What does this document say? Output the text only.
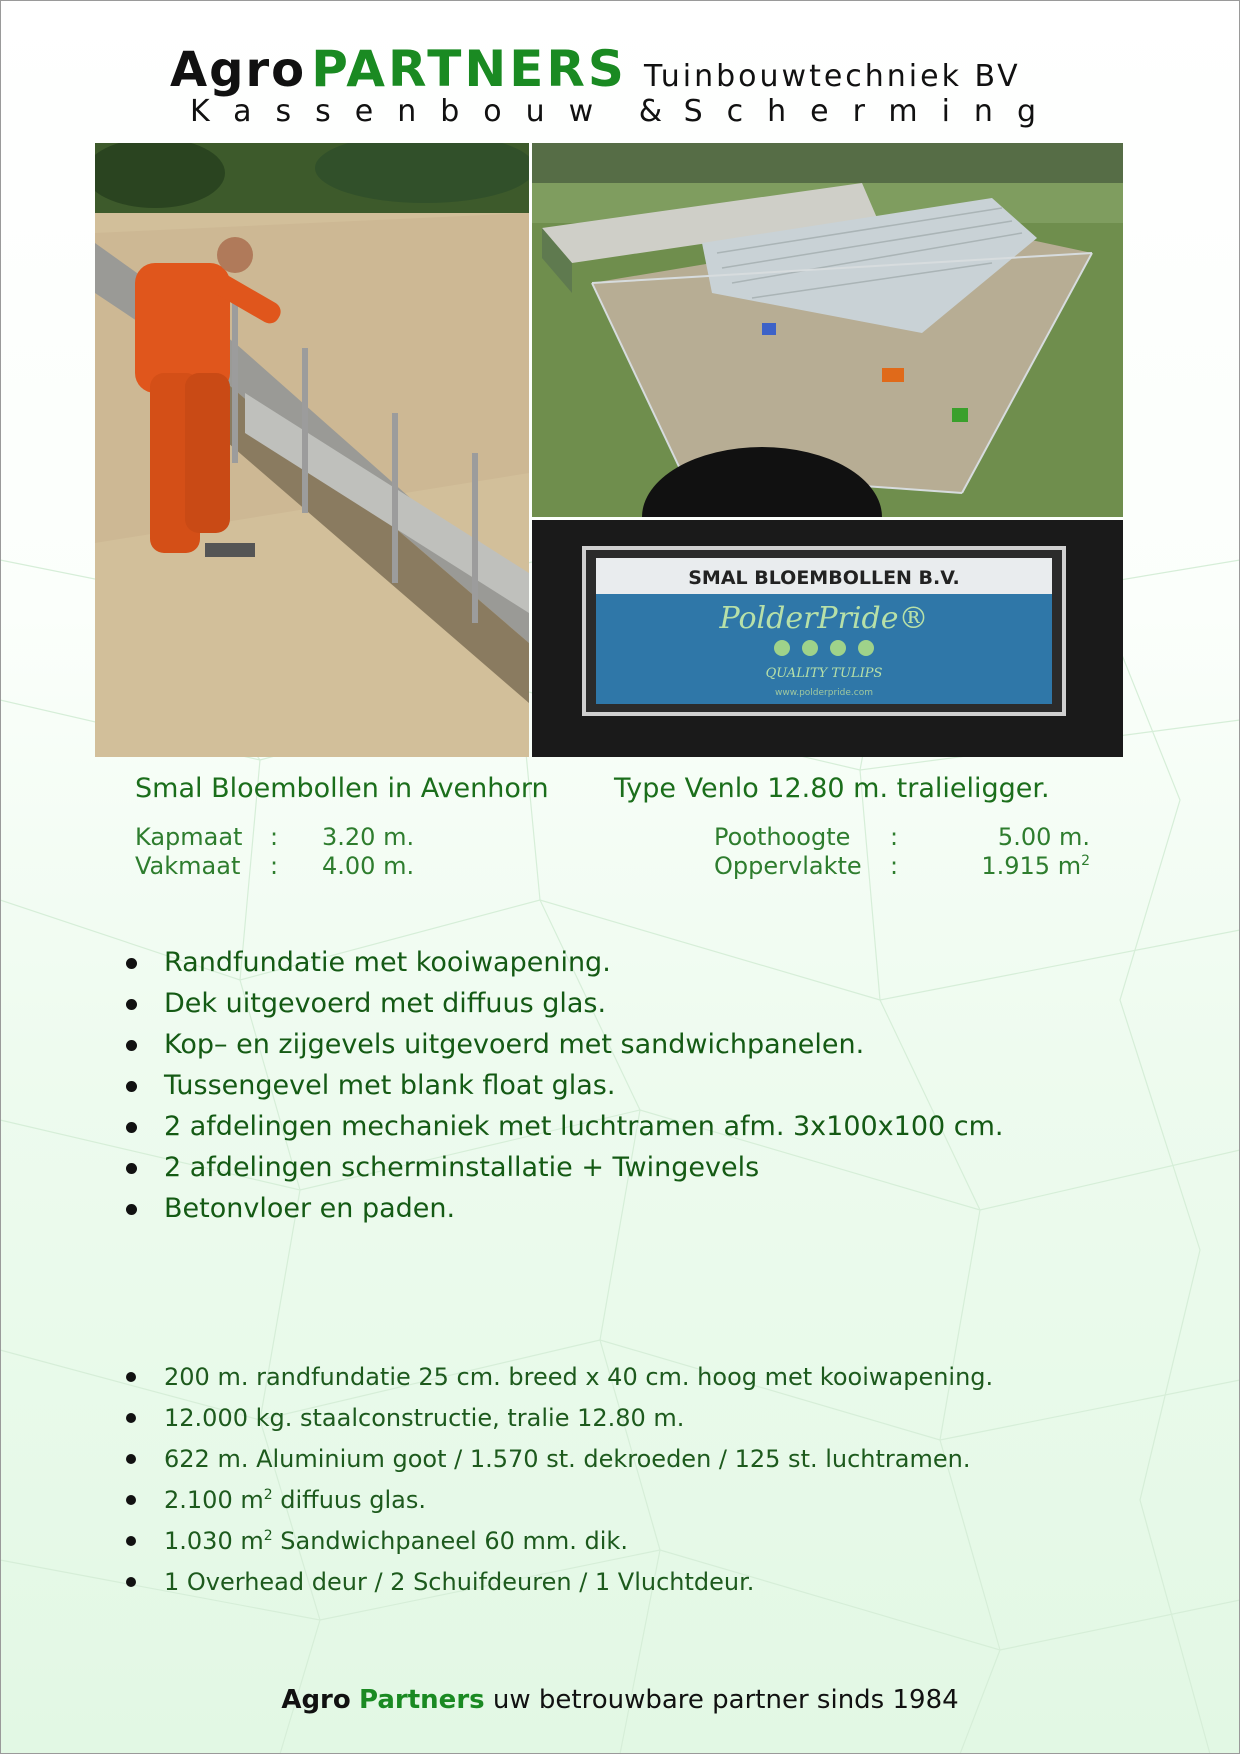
Agro PARTNERS Tuinbouwtechniek BV
Kassenbouw & Scherming
SMAL BLOEMBOLLEN B.V.
PolderPride®
QUALITY TULIPS
www.polderpride.com
Smal Bloembollen in Avenhorn Type Venlo 12.80 m. tralieligger.
Kapmaat : 3.20 m.
Vakmaat : 4.00 m.
Poothoogte :	5.00 m.
Oppervlakte :	1.915 $m^2$
Randfundatie met kooiwapening.
Dek uitgevoerd met diffuus glas.
Kop– en zijgevels uitgevoerd met sandwichpanelen.
Tussengevel met blank float glas.
2 afdelingen mechaniek met luchtramen afm. 3x100x100 cm.
2 afdelingen scherminstallatie + Twingevels
Betonvloer en paden.
200 m. randfundatie 25 cm. breed x 40 cm. hoog met kooiwapening.
12.000 kg. staalconstructie, tralie 12.80 m.
622 m. Aluminium goot / 1.570 st. dekroeden / 125 st. luchtramen.
2.100 $m^2$ diffuus glas.
1.030 $m^2$ Sandwichpaneel 60 mm. dik.
1 Overhead deur / 2 Schuifdeuren / 1 Vluchtdeur.
Agro Partners uw betrouwbare partner sinds 1984
